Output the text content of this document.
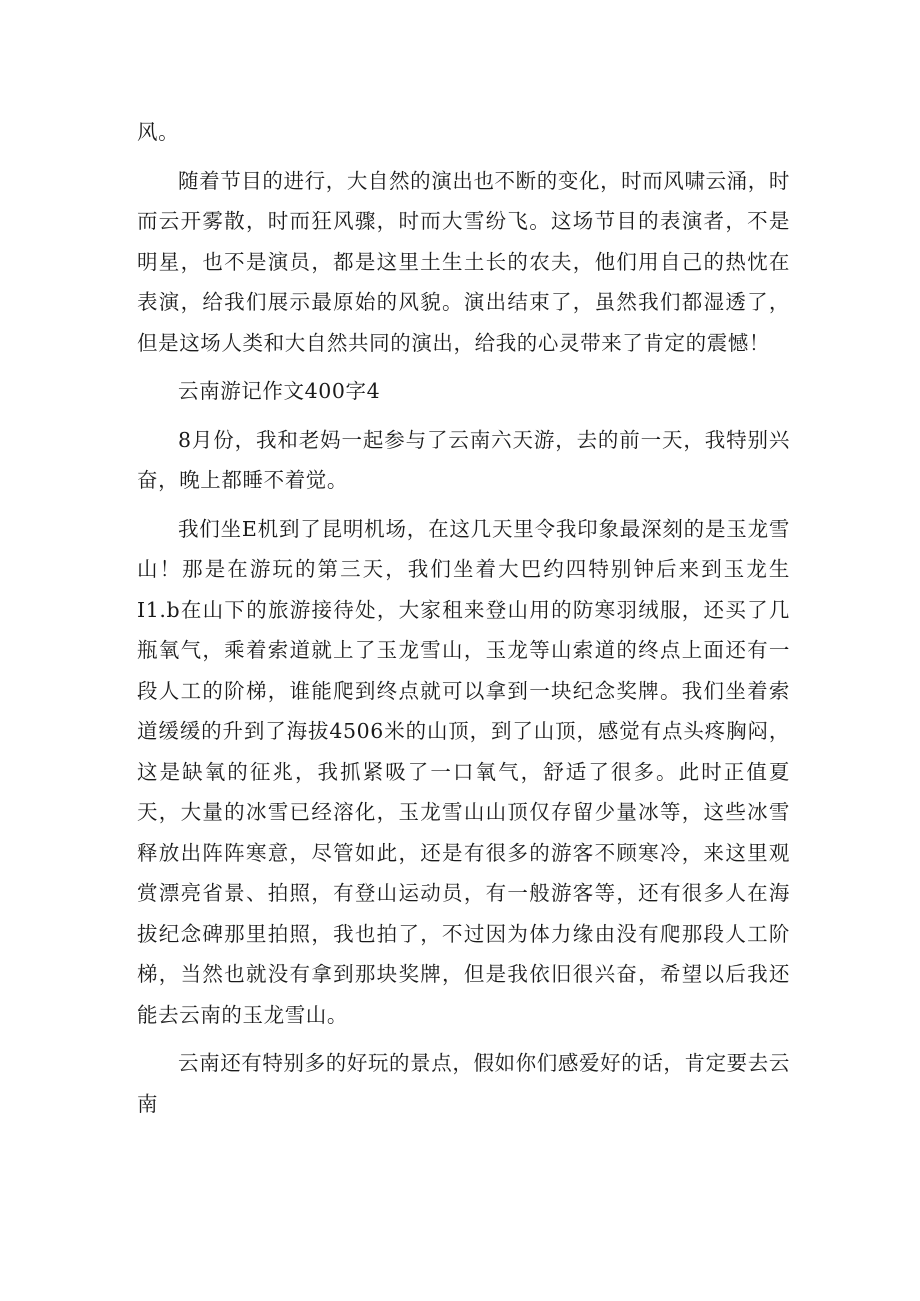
风。

随着节目的进行，大自然的演出也不断的变化，时而风啸云涌，时而云开雾散，时而狂风骤，时而大雪纷飞。这场节目的表演者，不是明星，也不是演员，都是这里土生土长的农夫，他们用自己的热忱在表演，给我们展示最原始的风貌。演出结束了，虽然我们都湿透了，但是这场人类和大自然共同的演出，给我的心灵带来了肯定的震憾！

云南游记作文400字4

8月份，我和老妈一起参与了云南六天游，去的前一天，我特别兴奋，晚上都睡不着觉。

我们坐E机到了昆明机场，在这几天里令我印象最深刻的是玉龙雪山！那是在游玩的第三天，我们坐着大巴约四特别钟后来到玉龙生I1.b在山下的旅游接待处，大家租来登山用的防寒羽绒服，还买了几瓶氧气，乘着索道就上了玉龙雪山，玉龙等山索道的终点上面还有一段人工的阶梯，谁能爬到终点就可以拿到一块纪念奖牌。我们坐着索道缓缓的升到了海拔4506米的山顶，到了山顶，感觉有点头疼胸闷，这是缺氧的征兆，我抓紧吸了一口氧气，舒适了很多。此时正值夏天，大量的冰雪已经溶化，玉龙雪山山顶仅存留少量冰等，这些冰雪释放出阵阵寒意，尽管如此，还是有很多的游客不顾寒冷，来这里观赏漂亮省景、拍照，有登山运动员，有一般游客等，还有很多人在海拔纪念碑那里拍照，我也拍了，不过因为体力缘由没有爬那段人工阶梯，当然也就没有拿到那块奖牌，但是我依旧很兴奋，希望以后我还能去云南的玉龙雪山。

云南还有特别多的好玩的景点，假如你们感爱好的话，肯定要去云南
